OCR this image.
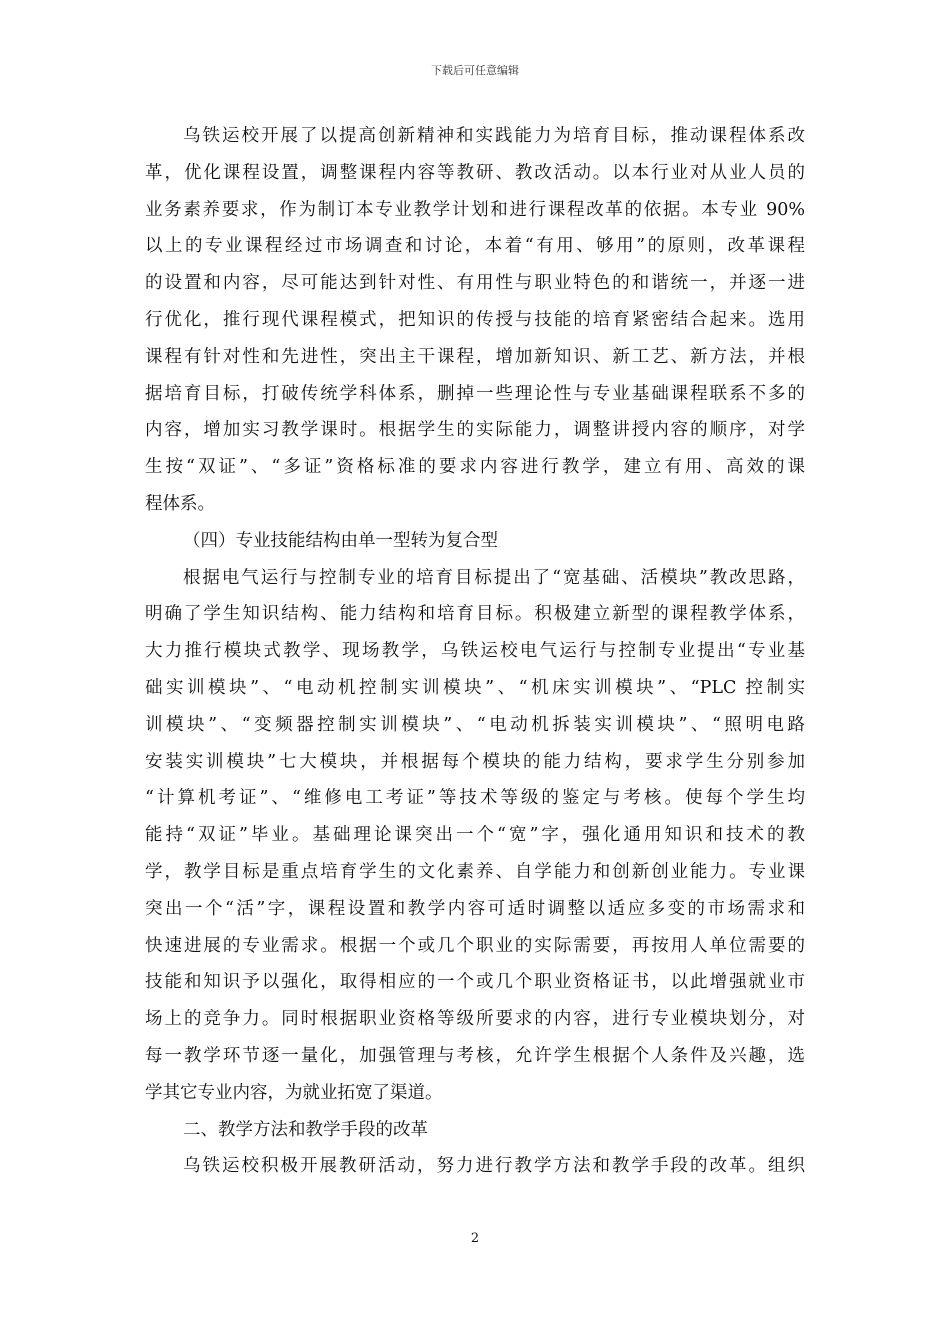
下载后可任意编辑
乌铁运校开展了以提高创新精神和实践能力为培育目标，推动课程体系改
革，优化课程设置，调整课程内容等教研、教改活动。以本行业对从业人员的
业务素养要求，作为制订本专业教学计划和进行课程改革的依据。本专业 90%
以上的专业课程经过市场调查和讨论，本着“有用、够用”的原则，改革课程
的设置和内容，尽可能达到针对性、有用性与职业特色的和谐统一，并逐一进
行优化，推行现代课程模式，把知识的传授与技能的培育紧密结合起来。选用
课程有针对性和先进性，突出主干课程，增加新知识、新工艺、新方法，并根
据培育目标，打破传统学科体系，删掉一些理论性与专业基础课程联系不多的
内容，增加实习教学课时。根据学生的实际能力，调整讲授内容的顺序，对学
生按“双证”、“多证”资格标准的要求内容进行教学，建立有用、高效的课
程体系。
（四）专业技能结构由单一型转为复合型
根据电气运行与控制专业的培育目标提出了“宽基础、活模块”教改思路，
明确了学生知识结构、能力结构和培育目标。积极建立新型的课程教学体系，
大力推行模块式教学、现场教学，乌铁运校电气运行与控制专业提出“专业基
础实训模块”、“电动机控制实训模块”、“机床实训模块”、“PLC 控制实
训模块”、“变频器控制实训模块”、“电动机拆装实训模块”、“照明电路
安装实训模块”七大模块，并根据每个模块的能力结构，要求学生分别参加
“计算机考证”、“维修电工考证”等技术等级的鉴定与考核。使每个学生均
能持“双证”毕业。基础理论课突出一个“宽”字，强化通用知识和技术的教
学，教学目标是重点培育学生的文化素养、自学能力和创新创业能力。专业课
突出一个“活”字，课程设置和教学内容可适时调整以适应多变的市场需求和
快速进展的专业需求。根据一个或几个职业的实际需要，再按用人单位需要的
技能和知识予以强化，取得相应的一个或几个职业资格证书，以此增强就业市
场上的竞争力。同时根据职业资格等级所要求的内容，进行专业模块划分，对
每一教学环节逐一量化，加强管理与考核，允许学生根据个人条件及兴趣，选
学其它专业内容，为就业拓宽了渠道。
二、教学方法和教学手段的改革
乌铁运校积极开展教研活动，努力进行教学方法和教学手段的改革。组织
2
